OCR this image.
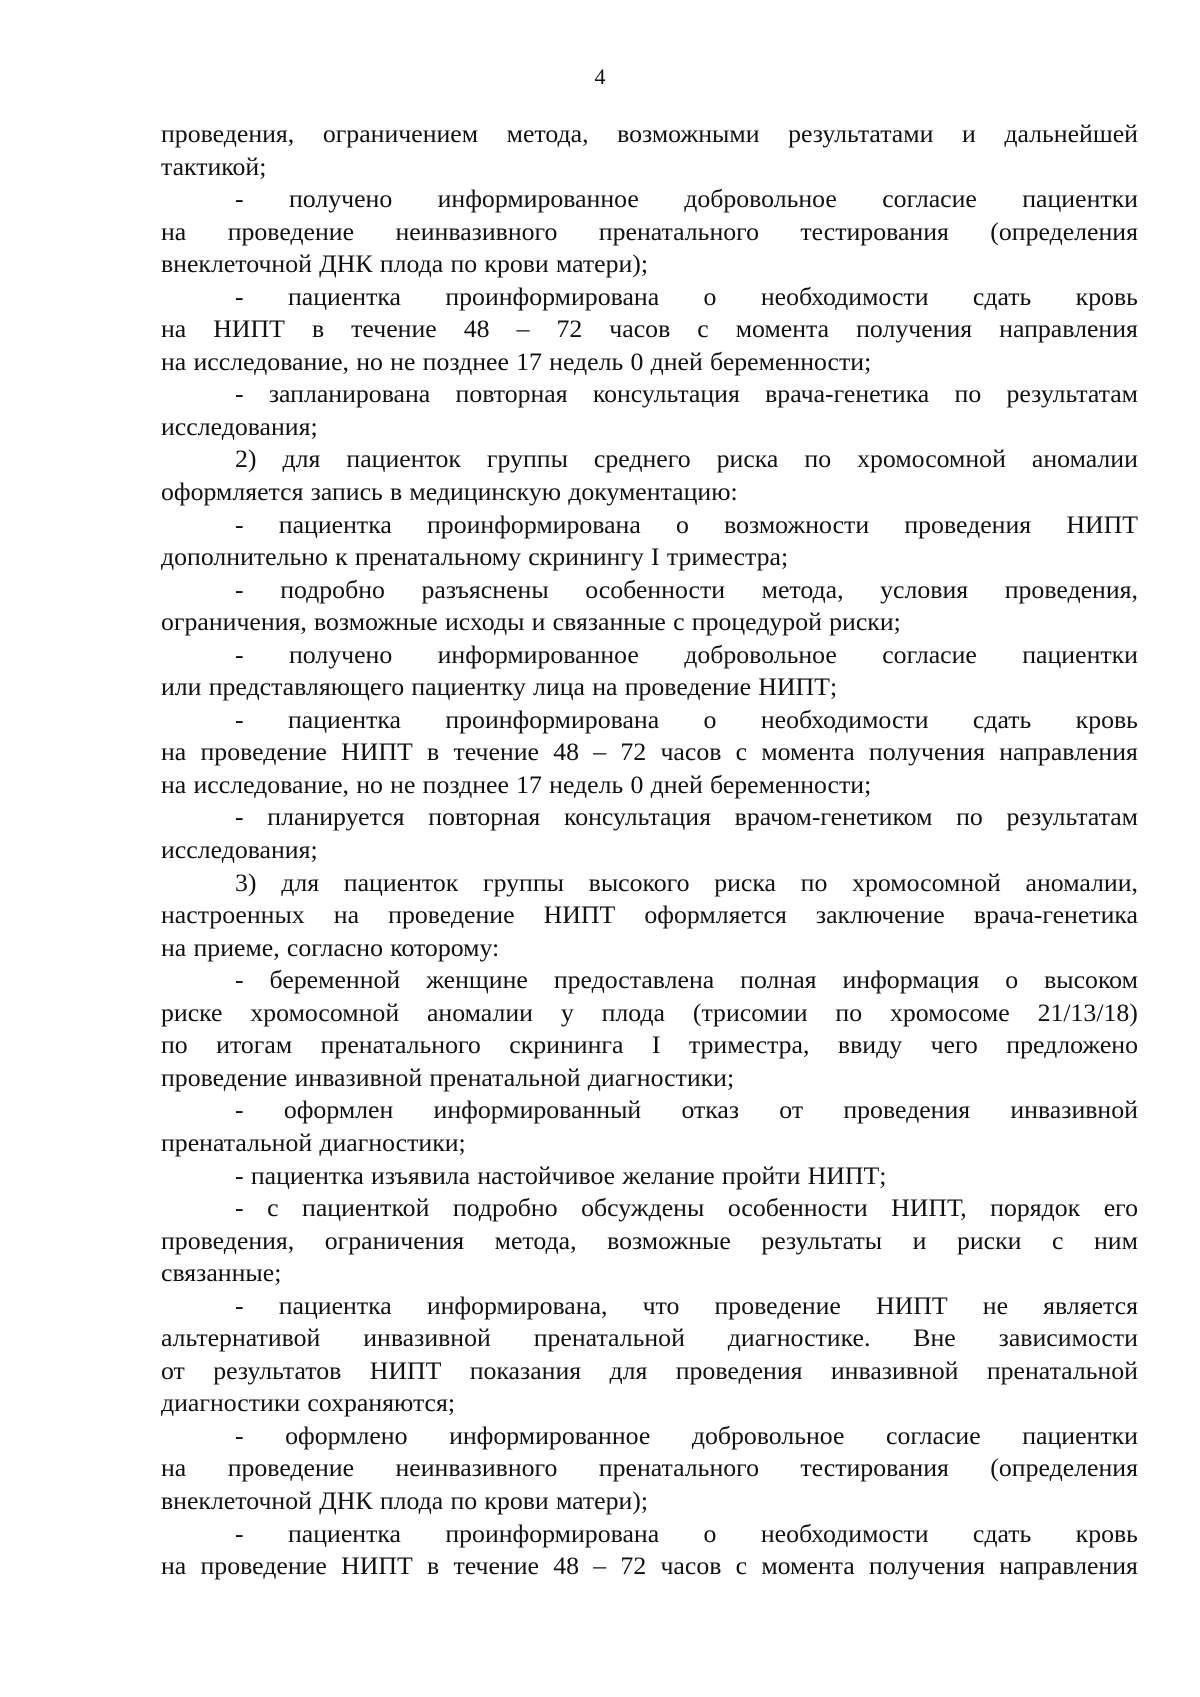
4
проведения, ограничением метода, возможными результатами и дальнейшей
тактикой;
- получено информированное добровольное согласие пациентки
на проведение неинвазивного пренатального тестирования (определения
внеклеточной ДНК плода по крови матери);
- пациентка проинформирована о необходимости сдать кровь
на НИПТ в течение 48 – 72 часов с момента получения направления
на исследование, но не позднее 17 недель 0 дней беременности;
- запланирована повторная консультация врача-генетика по результатам
исследования;
2) для пациенток группы среднего риска по хромосомной аномалии
оформляется запись в медицинскую документацию:
- пациентка проинформирована о возможности проведения НИПТ
дополнительно к пренатальному скринингу I триместра;
- подробно разъяснены особенности метода, условия проведения,
ограничения, возможные исходы и связанные с процедурой риски;
- получено информированное добровольное согласие пациентки
или представляющего пациентку лица на проведение НИПТ;
- пациентка проинформирована о необходимости сдать кровь
на проведение НИПТ в течение 48 – 72 часов с момента получения направления
на исследование, но не позднее 17 недель 0 дней беременности;
- планируется повторная консультация врачом-генетиком по результатам
исследования;
3) для пациенток группы высокого риска по хромосомной аномалии,
настроенных на проведение НИПТ оформляется заключение врача-генетика
на приеме, согласно которому:
- беременной женщине предоставлена полная информация о высоком
риске хромосомной аномалии у плода (трисомии по хромосоме 21/13/18)
по итогам пренатального скрининга I триместра, ввиду чего предложено
проведение инвазивной пренатальной диагностики;
- оформлен информированный отказ от проведения инвазивной
пренатальной диагностики;
- пациентка изъявила настойчивое желание пройти НИПТ;
- с пациенткой подробно обсуждены особенности НИПТ, порядок его
проведения, ограничения метода, возможные результаты и риски с ним
связанные;
- пациентка информирована, что проведение НИПТ не является
альтернативой инвазивной пренатальной диагностике. Вне зависимости
от результатов НИПТ показания для проведения инвазивной пренатальной
диагностики сохраняются;
- оформлено информированное добровольное согласие пациентки
на проведение неинвазивного пренатального тестирования (определения
внеклеточной ДНК плода по крови матери);
- пациентка проинформирована о необходимости сдать кровь
на проведение НИПТ в течение 48 – 72 часов с момента получения направления
